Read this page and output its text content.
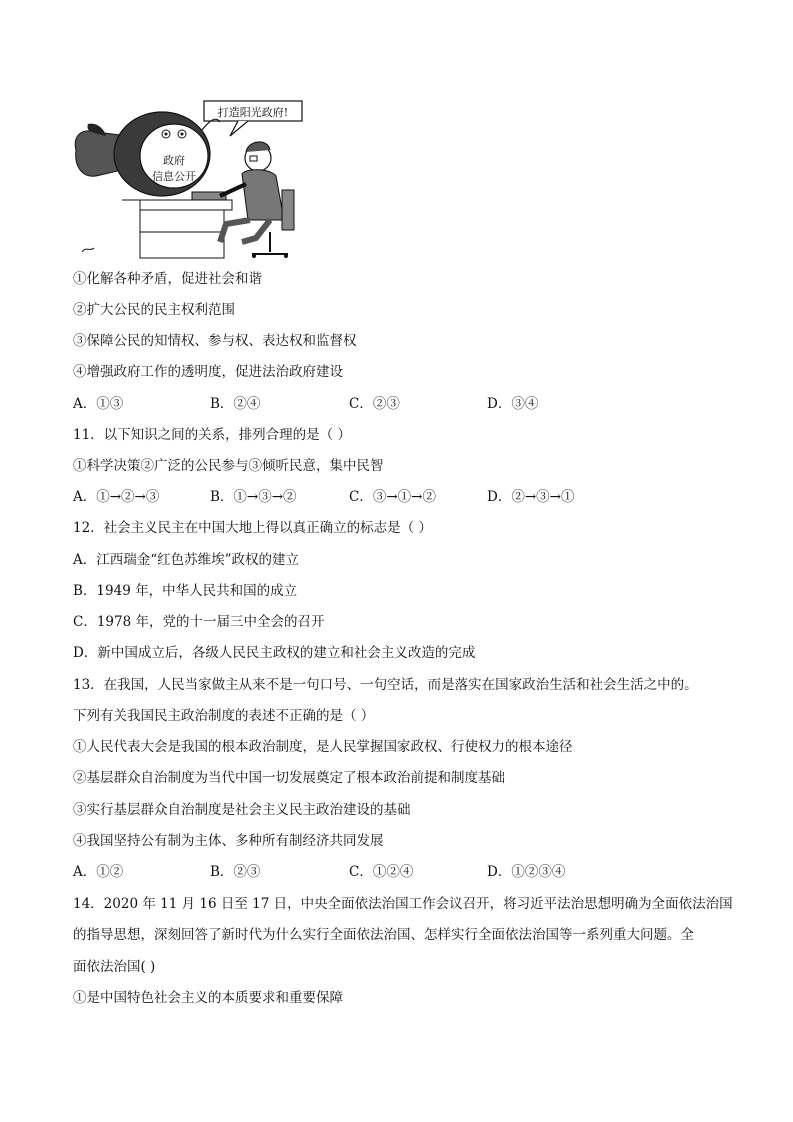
打造阳光政府!
政府
信息公开
①化解各种矛盾，促进社会和谐
②扩大公民的民主权利范围
③保障公民的知情权、参与权、表达权和监督权
④增强政府工作的透明度，促进法治政府建设
A．①③	B．②④	C．②③	D．③④
11．以下知识之间的关系，排列合理的是（ ）
①科学决策②广泛的公民参与③倾听民意，集中民智
A．①→②→③	B．①→③→②	C．③→①→②	D．②→③→①
12．社会主义民主在中国大地上得以真正确立的标志是（ ）
A．江西瑞金“红色苏维埃”政权的建立
B．1949 年，中华人民共和国的成立
C．1978 年，党的十一届三中全会的召开
D．新中国成立后，各级人民民主政权的建立和社会主义改造的完成
13．在我国，人民当家做主从来不是一句口号、一句空话，而是落实在国家政治生活和社会生活之中的。
下列有关我国民主政治制度的表述不正确的是（ ）
①人民代表大会是我国的根本政治制度，是人民掌握国家政权、行使权力的根本途径
②基层群众自治制度为当代中国一切发展奠定了根本政治前提和制度基础
③实行基层群众自治制度是社会主义民主政治建设的基础
④我国坚持公有制为主体、多种所有制经济共同发展
A．①②	B．②③	C．①②④	D．①②③④
14．2020 年 11 月 16 日至 17 日，中央全面依法治国工作会议召开，将习近平法治思想明确为全面依法治国
的指导思想，深刻回答了新时代为什么实行全面依法治国、怎样实行全面依法治国等一系列重大问题。全
面依法治国( )
①是中国特色社会主义的本质要求和重要保障
